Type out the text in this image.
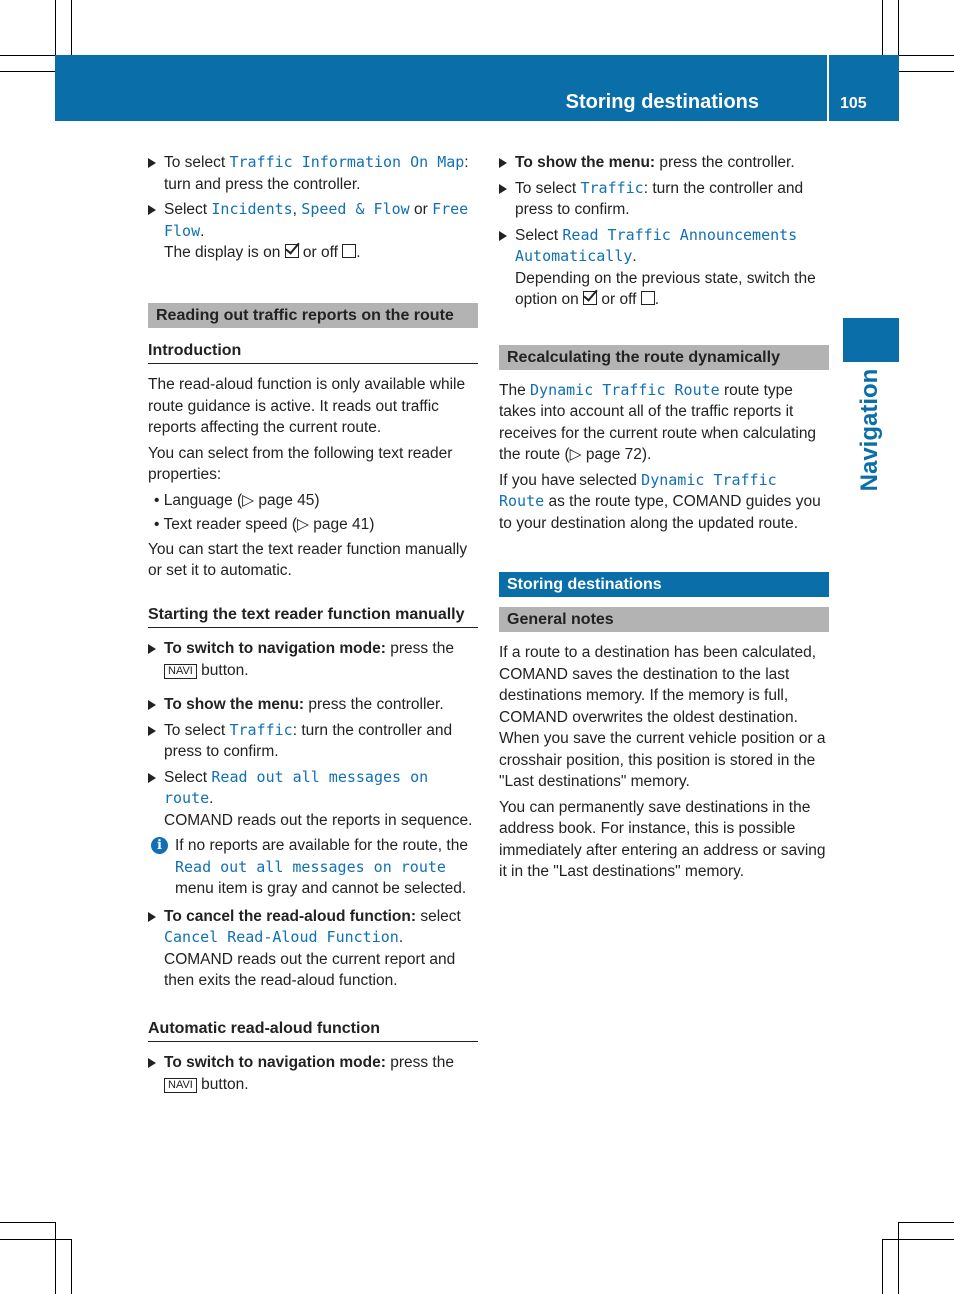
Storing destinations	105
Navigation
To select Traffic Information On Map: turn and press the controller.
Select Incidents, Speed & Flow or Free Flow.
The display is on  or off .
Reading out traffic reports on the route
Introduction

The read-aloud function is only available while route guidance is active. It reads out traffic reports affecting the current route.

You can select from the following text reader properties:

• Language (▷ page 45)
• Text reader speed (▷ page 41)

You can start the text reader function manually or set it to automatic.

Starting the text reader function manually
To switch to navigation mode: press the
NAVI button.
To show the menu: press the controller.
To select Traffic: turn the controller and press to confirm.
Select Read out all messages on route.
COMAND reads out the reports in sequence.
i If no reports are available for the route, the Read out all messages on route menu item is gray and cannot be selected.
To cancel the read-aloud function: select Cancel Read-Aloud Function.
COMAND reads out the current report and then exits the read-aloud function.
Automatic read-aloud function
To switch to navigation mode: press the
NAVI button.
To show the menu: press the controller.
To select Traffic: turn the controller and press to confirm.
Select Read Traffic Announcements Automatically.
Depending on the previous state, switch the option on  or off .
Recalculating the route dynamically

The Dynamic Traffic Route route type takes into account all of the traffic reports it receives for the current route when calculating the route (▷ page 72).

If you have selected Dynamic Traffic Route as the route type, COMAND guides you to your destination along the updated route.

Storing destinations
General notes

If a route to a destination has been calculated, COMAND saves the destination to the last destinations memory. If the memory is full, COMAND overwrites the oldest destination. When you save the current vehicle position or a crosshair position, this position is stored in the "Last destinations" memory.

You can permanently save destinations in the address book. For instance, this is possible immediately after entering an address or saving it in the "Last destinations" memory.
